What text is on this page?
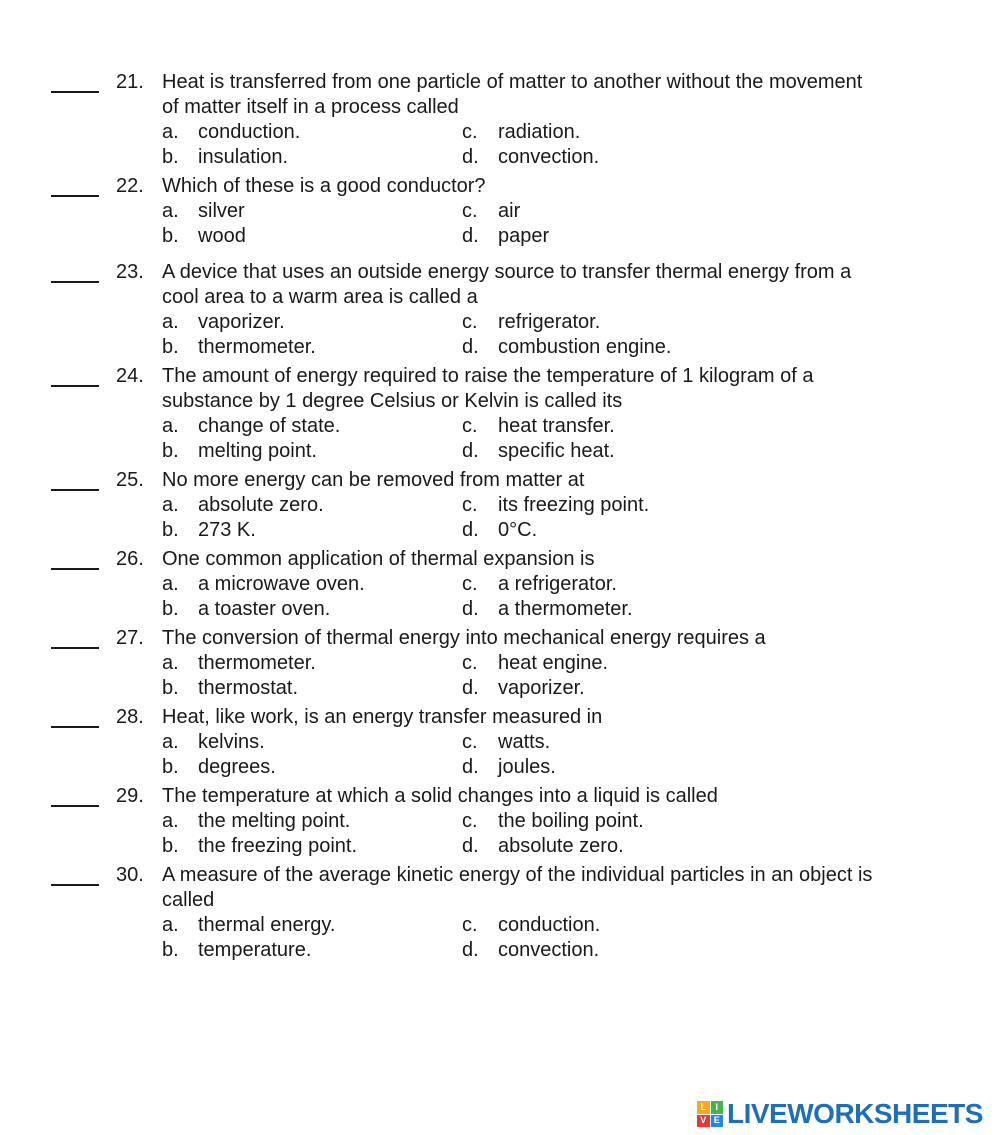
21. Heat is transferred from one particle of matter to another without the movement of matter itself in a process called
a. conduction.	c.	radiation.
b. insulation.	d. convection.
22. Which of these is a good conductor?
a. silver	c.	air
b. wood	d. paper
23. A device that uses an outside energy source to transfer thermal energy from a cool area to a warm area is called a
a. vaporizer.	c.	refrigerator.
b. thermometer.	d. combustion engine.
24. The amount of energy required to raise the temperature of 1 kilogram of a substance by 1 degree Celsius or Kelvin is called its
a. change of state.	c.	heat transfer.
b. melting point.	d. specific heat.
25. No more energy can be removed from matter at
a. absolute zero.	c.	its freezing point.
b. 273 K.	d. 0°C.
26. One common application of thermal expansion is
a. a microwave oven.	c.	a refrigerator.
b. a toaster oven.	d. a thermometer.
27. The conversion of thermal energy into mechanical energy requires a
a. thermometer.	c.	heat engine.
b. thermostat.	d. vaporizer.
28. Heat, like work, is an energy transfer measured in
a. kelvins.	c.	watts.
b. degrees.	d. joules.
29. The temperature at which a solid changes into a liquid is called
a. the melting point.	c.	the boiling point.
b. the freezing point.	d. absolute zero.
30. A measure of the average kinetic energy of the individual particles in an object is called
a. thermal energy.	c.	conduction.
b. temperature.	d. convection.
L	I
V E LIVEWORKSHEETS
